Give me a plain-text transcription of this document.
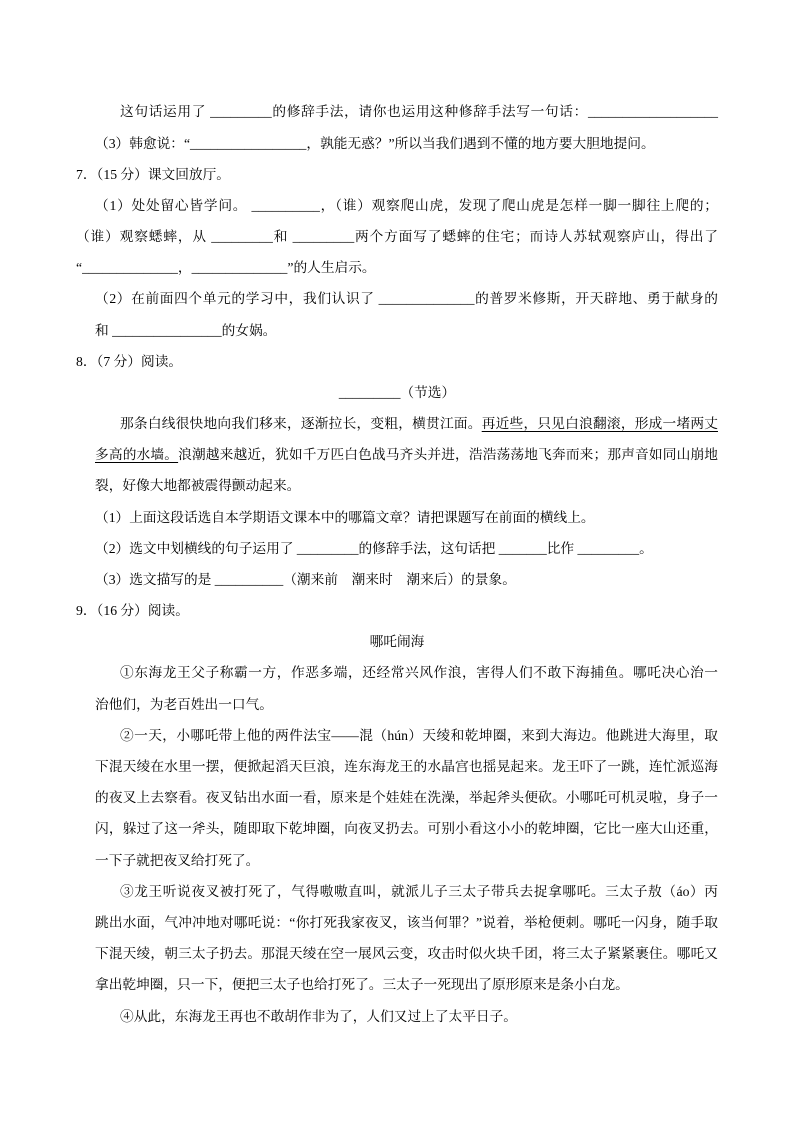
这句话运用了 _________的修辞手法，请你也运用这种修辞手法写一句话：___________________
（3）韩愈说：“_________________，孰能无惑？”所以当我们遇到不懂的地方要大胆地提问。
7．（15 分）课文回放厅。
（1）处处留心皆学问。 __________，（谁）观察爬山虎，发现了爬山虎是怎样一脚一脚往上爬的；
（谁）观察蟋蟀，从 _________和 _________两个方面写了蟋蟀的住宅；而诗人苏轼观察庐山，得出了
“______________，______________”的人生启示。
（2）在前面四个单元的学习中，我们认识了 ______________的普罗米修斯，开天辟地、勇于献身的
和 ________________的女娲。
8．（7 分）阅读。
_________（节选）
那条白线很快地向我们移来，逐渐拉长，变粗，横贯江面。再近些，只见白浪翻滚，形成一堵两丈
多高的水墙。浪潮越来越近，犹如千万匹白色战马齐头并进，浩浩荡荡地飞奔而来；那声音如同山崩地
裂，好像大地都被震得颤动起来。
（1）上面这段话选自本学期语文课本中的哪篇文章？请把课题写在前面的横线上。
（2）选文中划横线的句子运用了 _________的修辞手法，这句话把 _______比作 _________。
（3）选文描写的是 __________（潮来前　潮来时　潮来后）的景象。
9．（16 分）阅读。
哪吒闹海
①东海龙王父子称霸一方，作恶多端，还经常兴风作浪，害得人们不敢下海捕鱼。哪吒决心治一
治他们，为老百姓出一口气。
②一天，小哪吒带上他的两件法宝——混（hún）天绫和乾坤圈，来到大海边。他跳进大海里，取
下混天绫在水里一摆，便掀起滔天巨浪，连东海龙王的水晶宫也摇晃起来。龙王吓了一跳，连忙派巡海
的夜叉上去察看。夜叉钻出水面一看，原来是个娃娃在洗澡，举起斧头便砍。小哪吒可机灵啦，身子一
闪，躲过了这一斧头，随即取下乾坤圈，向夜叉扔去。可别小看这小小的乾坤圈，它比一座大山还重，
一下子就把夜叉给打死了。
③龙王听说夜叉被打死了，气得嗷嗷直叫，就派儿子三太子带兵去捉拿哪吒。三太子敖（áo）丙
跳出水面，气冲冲地对哪吒说：“你打死我家夜叉，该当何罪？”说着，举枪便刺。哪吒一闪身，随手取
下混天绫，朝三太子扔去。那混天绫在空一展风云变，攻击时似火块千团，将三太子紧紧裹住。哪吒又
拿出乾坤圈，只一下，便把三太子也给打死了。三太子一死现出了原形原来是条小白龙。
④从此，东海龙王再也不敢胡作非为了，人们又过上了太平日子。
